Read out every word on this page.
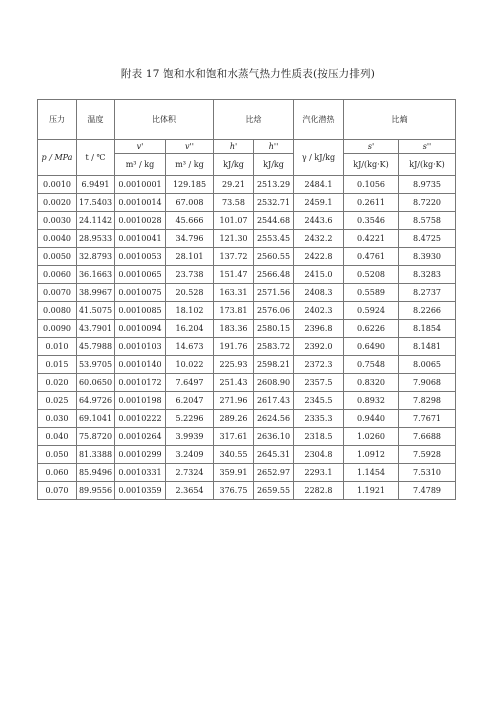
附表 17 饱和水和饱和水蒸气热力性质表(按压力排列)
压力	温度	比体积		比焓		汽化潜热	比熵	
p / MPa	t / ℃	v'	v''	h'	h''	γ / kJ/kg	s'	s''
		m³ / kg	m³ / kg	kJ/kg	kJ/kg		kJ/(kg·K)	kJ/(kg·K)
0.0010	6.9491	0.0010001	129.185	29.21	2513.29	2484.1	0.1056	8.9735
0.0020	17.5403	0.0010014	67.008	73.58	2532.71	2459.1	0.2611	8.7220
0.0030	24.1142	0.0010028	45.666	101.07	2544.68	2443.6	0.3546	8.5758
0.0040	28.9533	0.0010041	34.796	121.30	2553.45	2432.2	0.4221	8.4725
0.0050	32.8793	0.0010053	28.101	137.72	2560.55	2422.8	0.4761	8.3930
0.0060	36.1663	0.0010065	23.738	151.47	2566.48	2415.0	0.5208	8.3283
0.0070	38.9967	0.0010075	20.528	163.31	2571.56	2408.3	0.5589	8.2737
0.0080	41.5075	0.0010085	18.102	173.81	2576.06	2402.3	0.5924	8.2266
0.0090	43.7901	0.0010094	16.204	183.36	2580.15	2396.8	0.6226	8.1854
0.010	45.7988	0.0010103	14.673	191.76	2583.72	2392.0	0.6490	8.1481
0.015	53.9705	0.0010140	10.022	225.93	2598.21	2372.3	0.7548	8.0065
0.020	60.0650	0.0010172	7.6497	251.43	2608.90	2357.5	0.8320	7.9068
0.025	64.9726	0.0010198	6.2047	271.96	2617.43	2345.5	0.8932	7.8298
0.030	69.1041	0.0010222	5.2296	289.26	2624.56	2335.3	0.9440	7.7671
0.040	75.8720	0.0010264	3.9939	317.61	2636.10	2318.5	1.0260	7.6688
0.050	81.3388	0.0010299	3.2409	340.55	2645.31	2304.8	1.0912	7.5928
0.060	85.9496	0.0010331	2.7324	359.91	2652.97	2293.1	1.1454	7.5310
0.070	89.9556	0.0010359	2.3654	376.75	2659.55	2282.8	1.1921	7.4789
